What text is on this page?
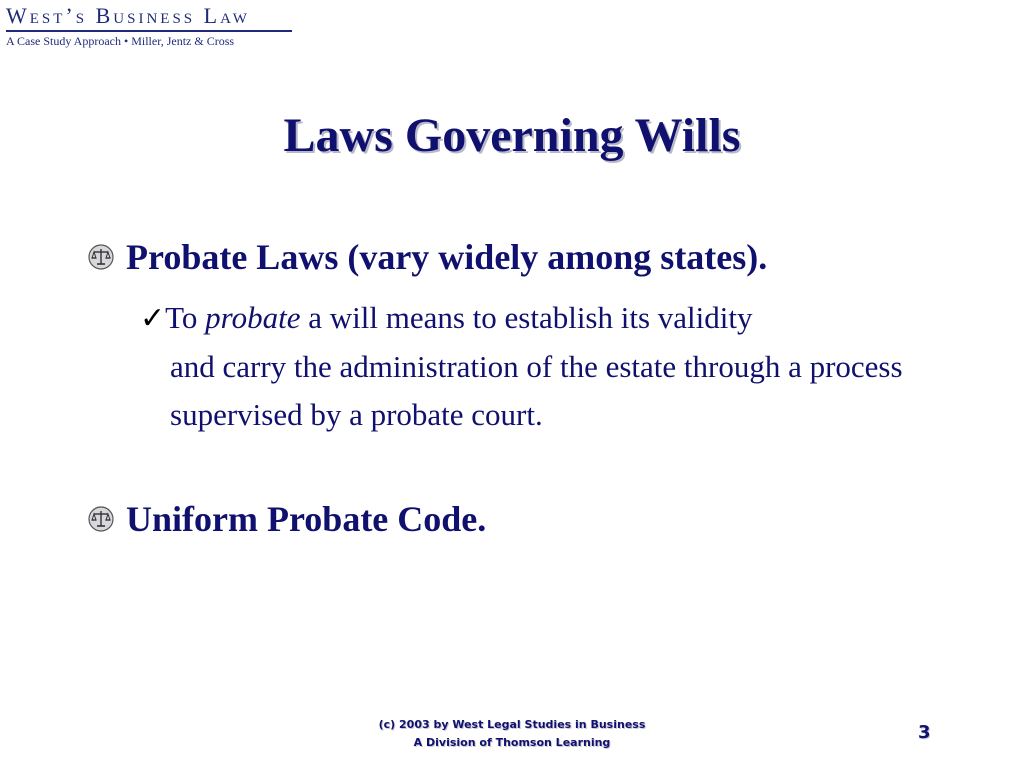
West’s Business Law
A Case Study Approach • Miller, Jentz & Cross
Laws Governing Wills
Probate Laws (vary widely among states).
✓To probate a will means to establish its validity
and carry the administration of the estate through a process supervised by a probate court.
Uniform Probate Code.
(c) 2003 by West Legal Studies in Business
A Division of Thomson Learning	3
